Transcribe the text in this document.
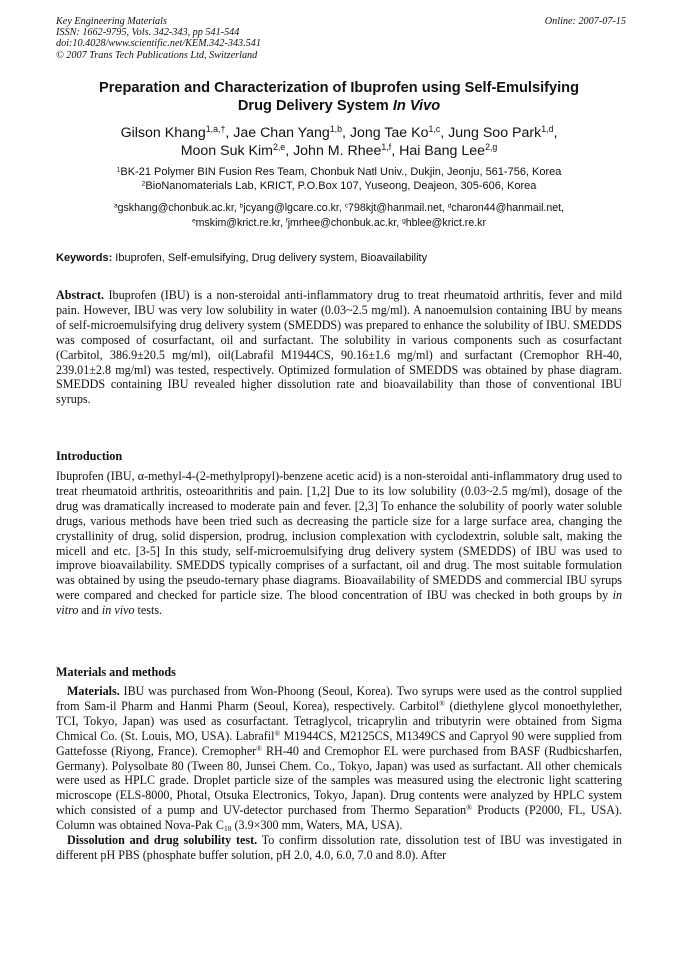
Key Engineering Materials
ISSN: 1662-9795, Vols. 342-343, pp 541-544
doi:10.4028/www.scientific.net/KEM.342-343.541
© 2007 Trans Tech Publications Ltd, Switzerland
Online: 2007-07-15
Preparation and Characterization of Ibuprofen using Self-Emulsifying
Drug Delivery System In Vivo
Gilson Khang$^{1,a,\dagger}$, Jae Chan Yang$^{1,b}$, Jong Tae Ko$^{1,c}$, Jung Soo Park$^{1,d}$,
Moon Suk Kim$^{2,e}$, John M. Rhee$^{1,f}$, Hai Bang Lee$^{2,g}$
$^1$BK-21 Polymer BIN Fusion Res Team, Chonbuk Natl Univ., Dukjin, Jeonju, 561-756, Korea
$^2$BioNanomaterials Lab, KRICT, P.O.Box 107, Yuseong, Deajeon, 305-606, Korea
$^a$gskhang@chonbuk.ac.kr, $^b$jcyang@lgcare.co.kr, $^c$798kjt@hanmail.net, $^d$charon44@hanmail.net,
$^e$mskim@krict.re.kr, $^f$jmrhee@chonbuk.ac.kr, $^g$hblee@krict.re.kr
Keywords: Ibuprofen, Self-emulsifying, Drug delivery system, Bioavailability

Abstract. Ibuprofen (IBU) is a non-steroidal anti-inflammatory drug to treat rheumatoid arthritis, fever and mild pain. However, IBU was very low solubility in water (0.03~2.5 mg/ml). A nanoemulsion containing IBU by means of self-microemulsifying drug delivery system (SMEDDS) was prepared to enhance the solubility of IBU. SMEDDS was composed of cosurfactant, oil and surfactant. The solubility in various components such as cosurfactant (Carbitol, 386.9±20.5 mg/ml), oil(Labrafil M1944CS, 90.16±1.6 mg/ml) and surfactant (Cremophor RH-40, 239.01±2.8 mg/ml) was tested, respectively. Optimized formulation of SMEDDS was obtained by phase diagram. SMEDDS containing IBU revealed higher dissolution rate and bioavailability than those of conventional IBU syrups.

Introduction

Ibuprofen (IBU, α-methyl-4-(2-methylpropyl)-benzene acetic acid) is a non-steroidal anti-inflammatory drug used to treat rheumatoid arthritis, osteoarithritis and pain. [1,2] Due to its low solubility (0.03~2.5 mg/ml), dosage of the drug was dramatically increased to moderate pain and fever. [2,3] To enhance the solubility of poorly water soluble drugs, various methods have been tried such as decreasing the particle size for a large surface area, changing the crystallinity of drug, solid dispersion, prodrug, inclusion complexation with cyclodextrin, soluble salt, making the micell and etc. [3-5] In this study, self-microemulsifying drug delivery system (SMEDDS) of IBU was used to improve bioavailability. SMEDDS typically comprises of a surfactant, oil and drug. The most suitable formulation was obtained by using the pseudo-ternary phase diagrams. Bioavailability of SMEDDS and commercial IBU syrups were compared and checked for particle size. The blood concentration of IBU was checked in both groups by in vitro and in vivo tests.

Materials and methods

Materials. IBU was purchased from Won-Phoong (Seoul, Korea). Two syrups were used as the control supplied from Sam-il Pharm and Hanmi Pharm (Seoul, Korea), respectively. Carbitol® (diethylene glycol monoethylether, TCI, Tokyo, Japan) was used as cosurfactant. Tetraglycol, tricaprylin and tributyrin were obtained from Sigma Chmical Co. (St. Louis, MO, USA). Labrafil® M1944CS, M2125CS, M1349CS and Capryol 90 were supplied from Gattefosse (Riyong, France). Cremopher® RH-40 and Cremophor EL were purchased from BASF (Rudbicsharfen, Germany). Polysolbate 80 (Tween 80, Junsei Chem. Co., Tokyo, Japan) was used as surfactant. All other chemicals were used as HPLC grade. Droplet particle size of the samples was measured using the electronic light scattering microscope (ELS-8000, Photal, Otsuka Electronics, Tokyo, Japan). Drug contents were analyzed by HPLC system which consisted of a pump and UV-detector purchased from Thermo Separation® Products (P2000, FL, USA). Column was obtained Nova-Pak $C_{18}$ (3.9×300 mm, Waters, MA, USA).

Dissolution and drug solubility test. To confirm dissolution rate, dissolution test of IBU was investigated in different pH PBS (phosphate buffer solution, pH 2.0, 4.0, 6.0, 7.0 and 8.0). After
